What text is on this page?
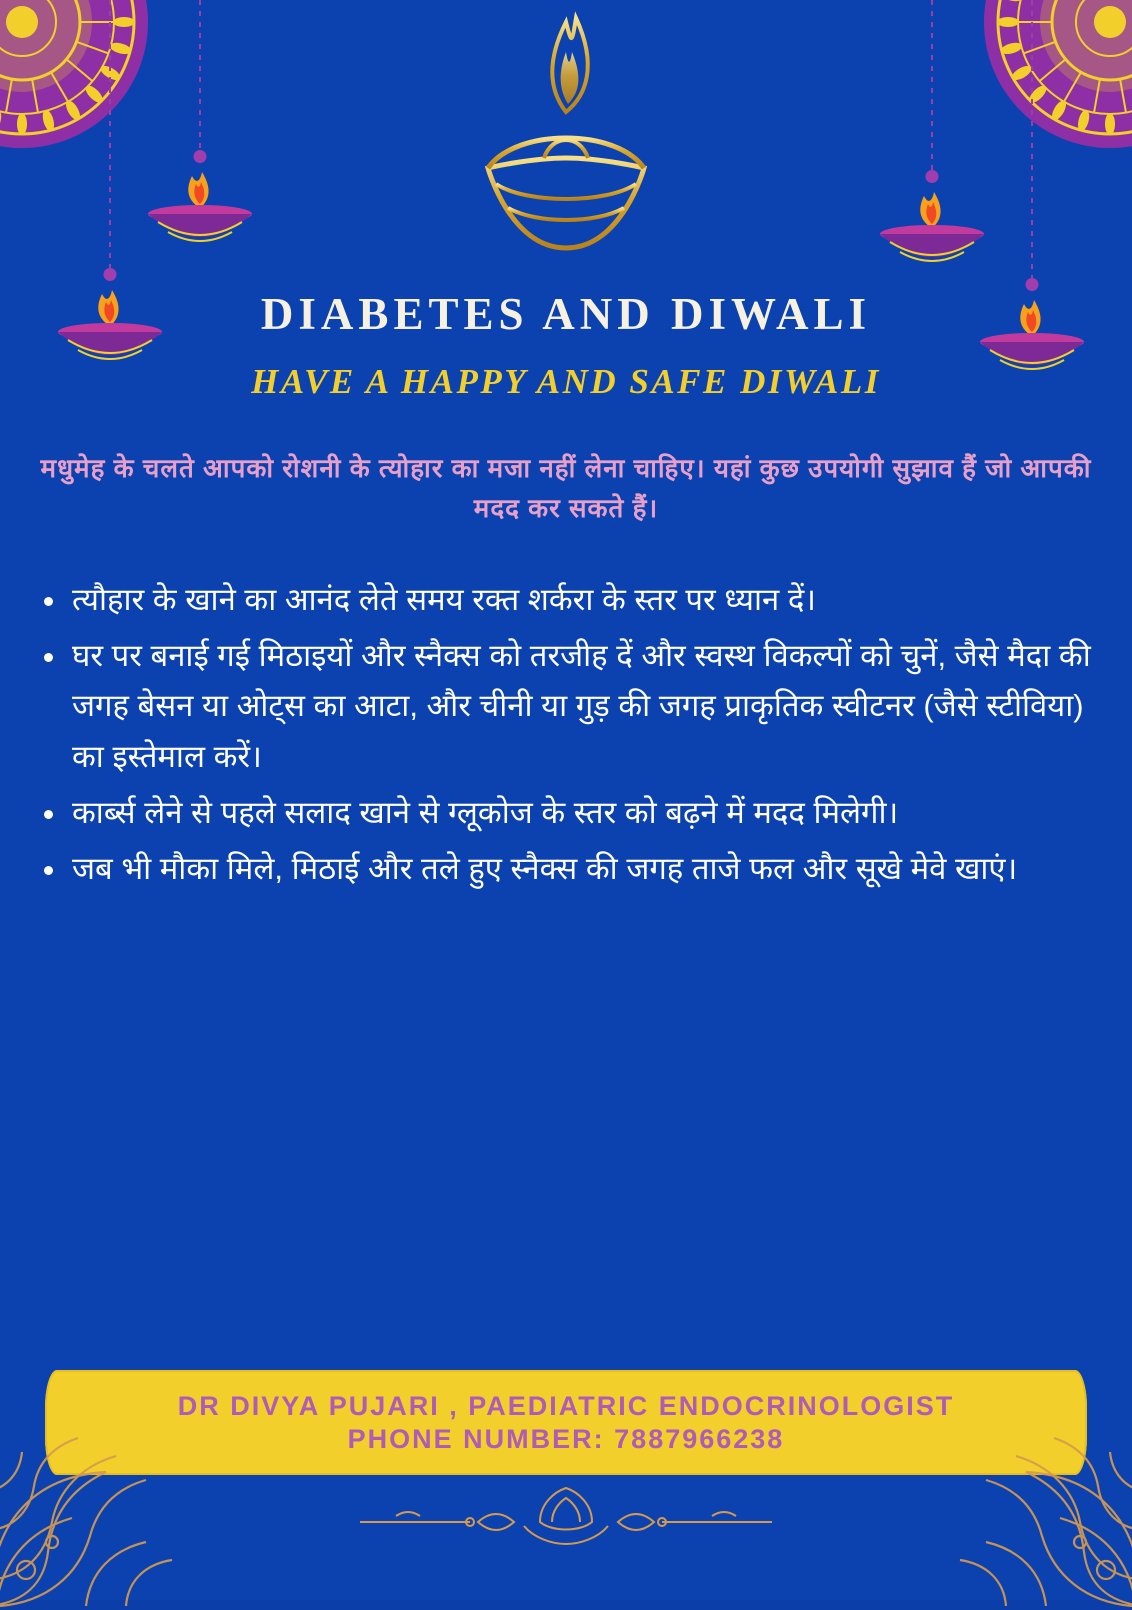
DIABETES AND DIWALI
HAVE A HAPPY AND SAFE DIWALI
मधुमेह के चलते आपको रोशनी के त्योहार का मजा नहीं लेना चाहिए। यहां कुछ उपयोगी सुझाव हैं जो आपकी मदद कर सकते हैं।
त्यौहार के खाने का आनंद लेते समय रक्त शर्करा के स्तर पर ध्यान दें।
घर पर बनाई गई मिठाइयों और स्नैक्स को तरजीह दें और स्वस्थ विकल्पों को चुनें, जैसे मैदा की जगह बेसन या ओट्स का आटा, और चीनी या गुड़ की जगह प्राकृतिक स्वीटनर (जैसे स्टीविया) का इस्तेमाल करें।
कार्ब्स लेने से पहले सलाद खाने से ग्लूकोज के स्तर को बढ़ने में मदद मिलेगी।
जब भी मौका मिले, मिठाई और तले हुए स्नैक्स की जगह ताजे फल और सूखे मेवे खाएं।
DR DIVYA PUJARI , PAEDIATRIC ENDOCRINOLOGIST
PHONE NUMBER: 7887966238
